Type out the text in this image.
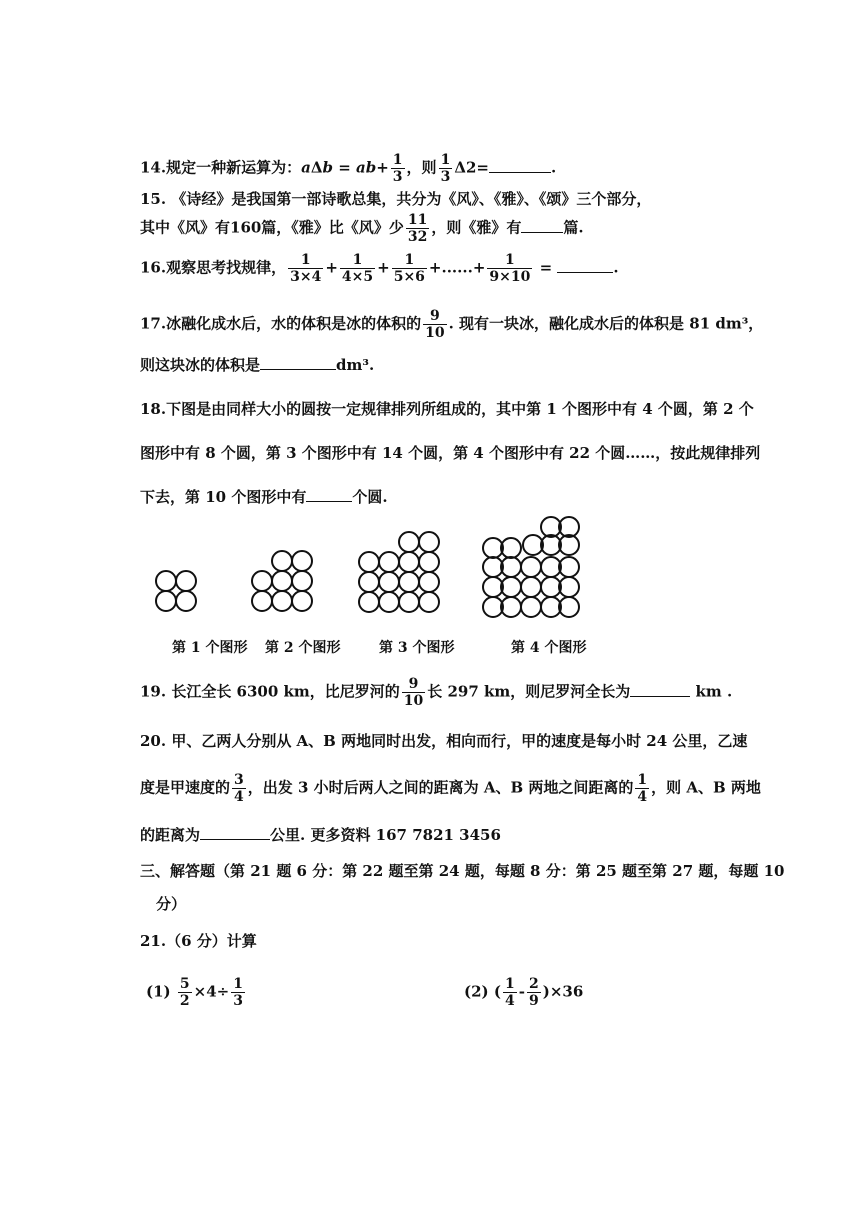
14.规定一种新运算为：$a\Delta b = ab+ \frac{1}{3}$ ，则 $\frac{1}{3} \Delta 2=$	.
15. 《诗经》是我国第一部诗歌总集，共分为《风》、《雅》、《颂》三个部分，
其中《风》有160篇，《雅》比《风》少 $\frac{11}{32}$ ，则《雅》有	篇.
16.观察思考找规律， $\frac{1}{3\times 4} + \frac{1}{4\times 5} + \frac{1}{5\times 6}$ +......+ $\frac{1}{9\times 10}$ =	.
17.冰融化成水后，水的体积是冰的体积的 $\frac{9}{10}$ . 现有一块冰，融化成水后的体积是 81 dm³，
则这块冰的体积是	dm³.
18.下图是由同样大小的圆按一定规律排列所组成的，其中第 1 个图形中有 4 个圆，第 2 个
图形中有 8 个圆，第 3 个图形中有 14 个圆，第 4 个图形中有 22 个圆……，按此规律排列
下去，第 10 个图形中有	个圆.
第 1 个图形 第 2 个图形	第 3 个图形	第 4 个图形
19. 长江全长 6300 km，比尼罗河的 $\frac{9}{10}$ 长 297 km，则尼罗河全长为	km .
20. 甲、乙两人分别从 A、B 两地同时出发，相向而行，甲的速度是每小时 24 公里，乙速
度是甲速度的 $\frac{3}{4}$ ，出发 3 小时后两人之间的距离为 A、B 两地之间距离的 $\frac{1}{4}$ ，则 A、B 两地
的距离为	公里. 更多资料 167 7821 3456
三、解答题（第 21 题 6 分：第 22 题至第 24 题，每题 8 分：第 25 题至第 27 题，每题 10
分）
21.（6 分）计算
$(1) \frac{5}{2} \times 4\div \frac{1}{3}$	(2) ( $\frac{1}{4} - \frac{2}{9} )\times 36$
